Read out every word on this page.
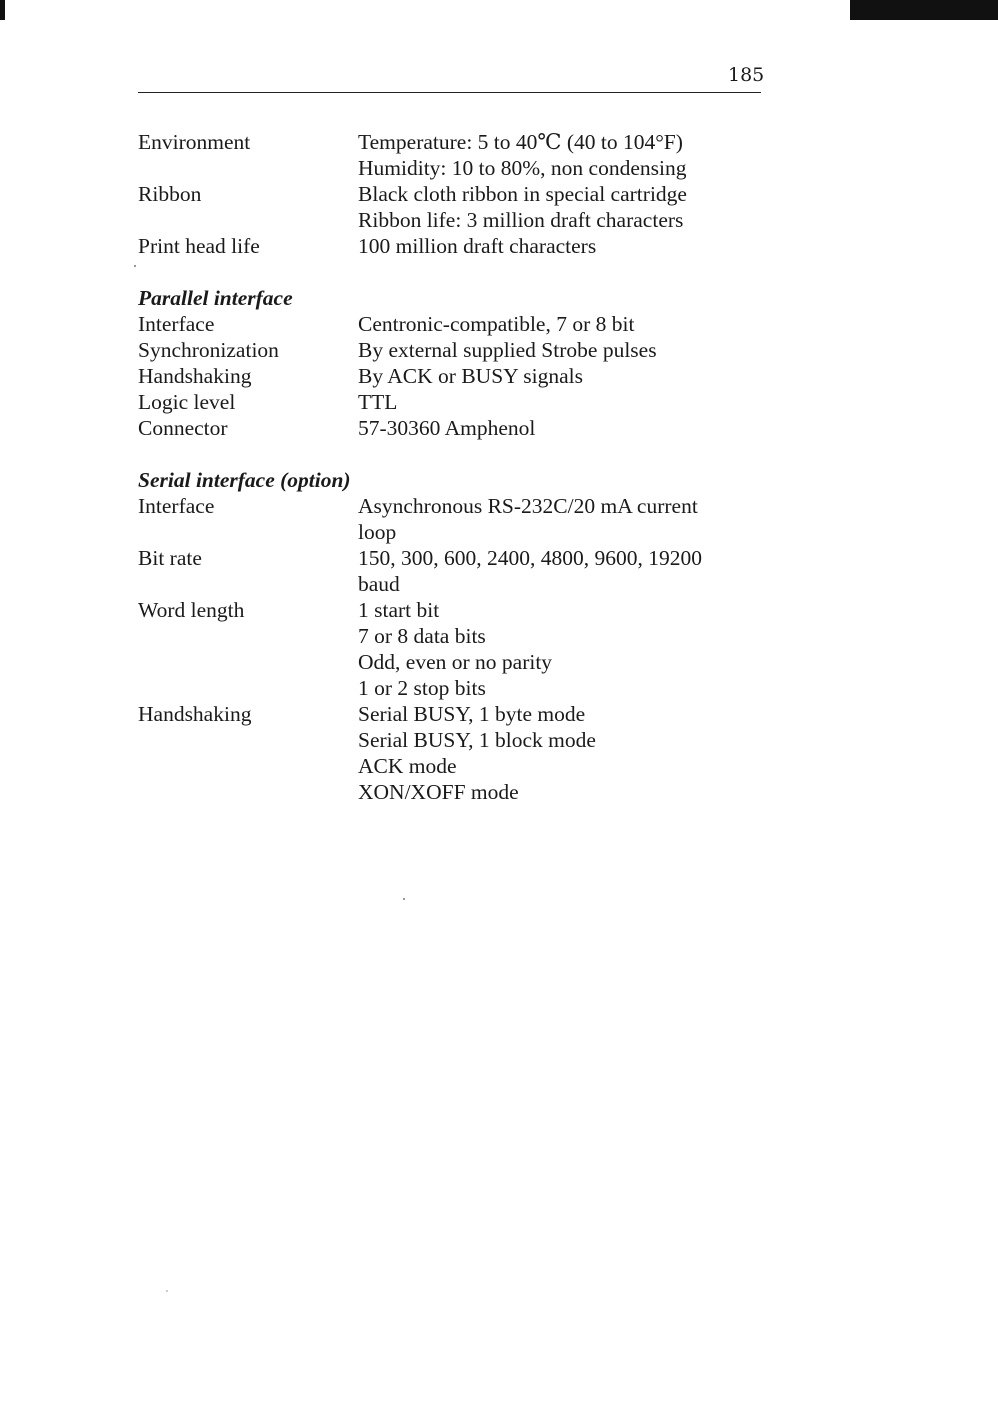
185
Environment	Temperature: 5 to 40℃ (40 to 104°F)
Humidity: 10 to 80%, non condensing
Ribbon	Black cloth ribbon in special cartridge
Ribbon life: 3 million draft characters
Print head life	100 million draft characters
Parallel interface
Interface	Centronic-compatible, 7 or 8 bit
Synchronization	By external supplied Strobe pulses
Handshaking	By ACK or BUSY signals
Logic level	TTL
Connector	57-30360 Amphenol
Serial interface (option)
Interface	Asynchronous RS-232C/20 mA current
loop
Bit rate	150, 300, 600, 2400, 4800, 9600, 19200
baud
Word length	1 start bit
7 or 8 data bits
Odd, even or no parity
1 or 2 stop bits
Handshaking	Serial BUSY, 1 byte mode
Serial BUSY, 1 block mode
ACK mode
XON/XOFF mode
